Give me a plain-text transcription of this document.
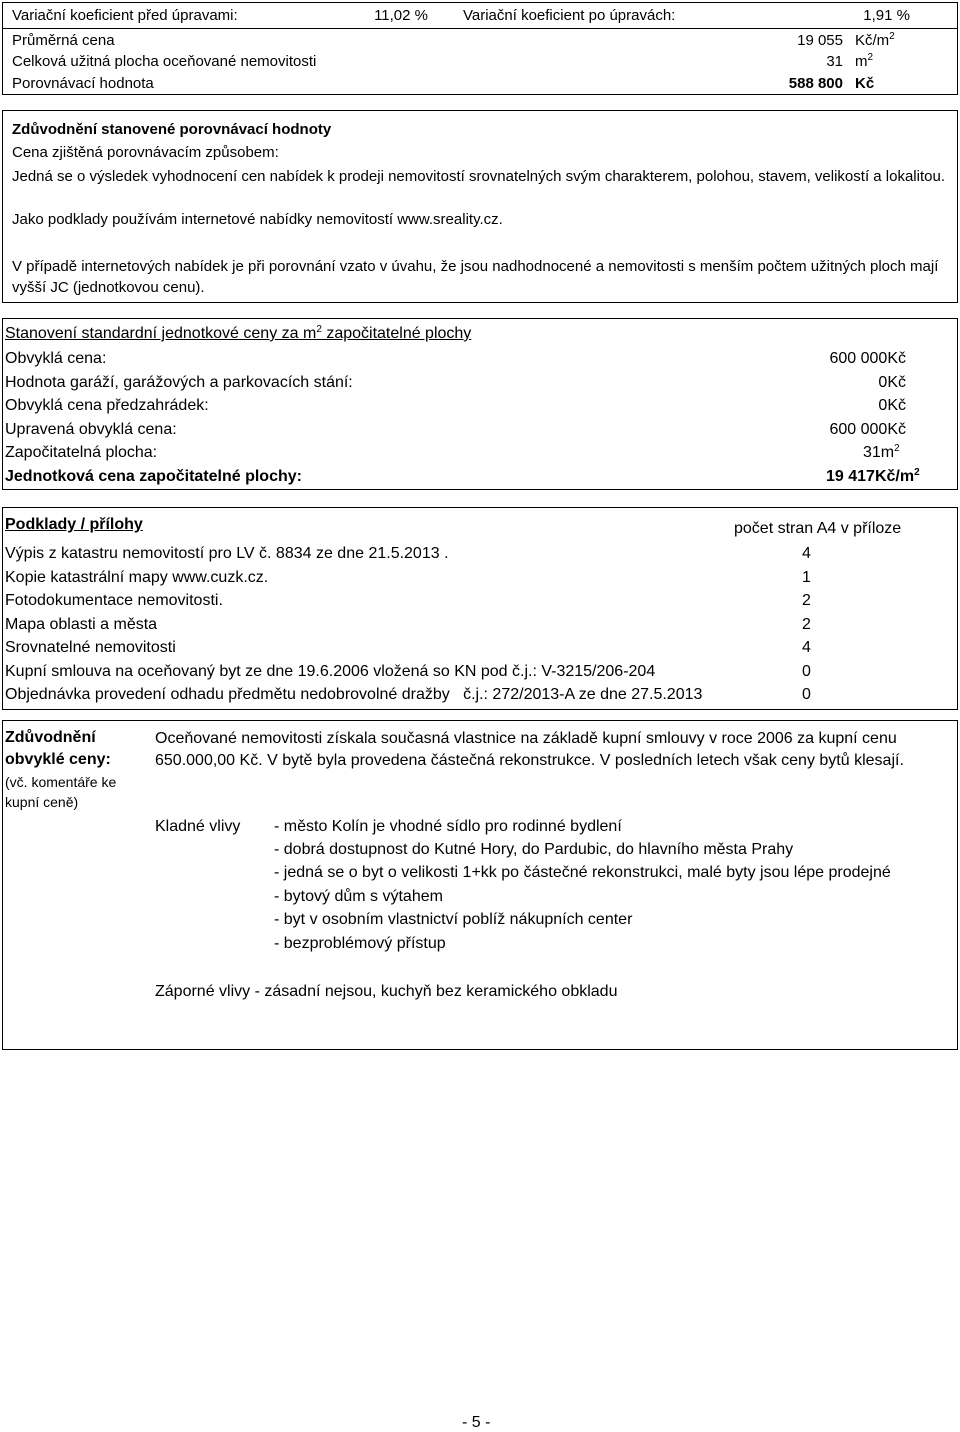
Variační koeficient před úpravami:	11,02 % Variační koeficient po úpravách:	1,91 %
Průměrná cena	19 055 $Kč/m^2$
Celková užitná plocha oceňované nemovitosti	31 $m^2$
Porovnávací hodnota	588 800 Kč
Zdůvodnění stanovené porovnávací hodnoty
Cena zjištěná porovnávacím způsobem:
Jedná se o výsledek vyhodnocení cen nabídek k prodeji nemovitostí srovnatelných svým charakterem, polohou, stavem, velikostí a lokalitou.
Jako podklady používám internetové nabídky nemovitostí www.sreality.cz.
V případě internetových nabídek je při porovnání vzato v úvahu, že jsou nadhodnocené a nemovitosti s menším počtem užitných ploch mají vyšší JC (jednotkovou cenu).
Stanovení standardní jednotkové ceny za $m^2$ započitatelné plochy
Obvyklá cena:	600 000Kč
Hodnota garáží, garážových a parkovacích stání:	0Kč
Obvyklá cena předzahrádek:	0Kč
Upravená obvyklá cena:	600 000Kč
Započitatelná plocha:	$31m^2$
Jednotková cena započitatelné plochy:	19 $417Kč/m^2$
Podklady / přílohy	počet stran A4 v příloze
Výpis z katastru nemovitostí pro LV č. 8834 ze dne 21.5.2013 .	4
Kopie katastrální mapy www.cuzk.cz.	1
Fotodokumentace nemovitosti.	2
Mapa oblasti a města	2
Srovnatelné nemovitosti	4
Kupní smlouva na oceňovaný byt ze dne 19.6.2006 vložená so KN pod č.j.: V-3215/206-204	0
Objednávka provedení odhadu předmětu nedobrovolné dražby   č.j.: 272/2013-A ze dne 27.5.2013	0
Zdůvodnění
obvyklé ceny:
(vč. komentáře ke
kupní ceně)
Oceňované nemovitosti získala současná vlastnice na základě kupní smlouvy v roce 2006 za kupní cenu 650.000,00 Kč. V bytě byla provedena částečná rekonstrukce. V posledních letech však ceny bytů klesají.
Kladné vlivy - město Kolín je vhodné sídlo pro rodinné bydlení
- dobrá dostupnost do Kutné Hory, do Pardubic, do hlavního města Prahy
- jedná se o byt o velikosti 1+kk po částečné rekonstrukci, malé byty jsou lépe prodejné
- bytový dům s výtahem
- byt v osobním vlastnictví poblíž nákupních center
- bezproblémový přístup
Záporné vlivy - zásadní nejsou, kuchyň bez keramického obkladu
- 5 -
